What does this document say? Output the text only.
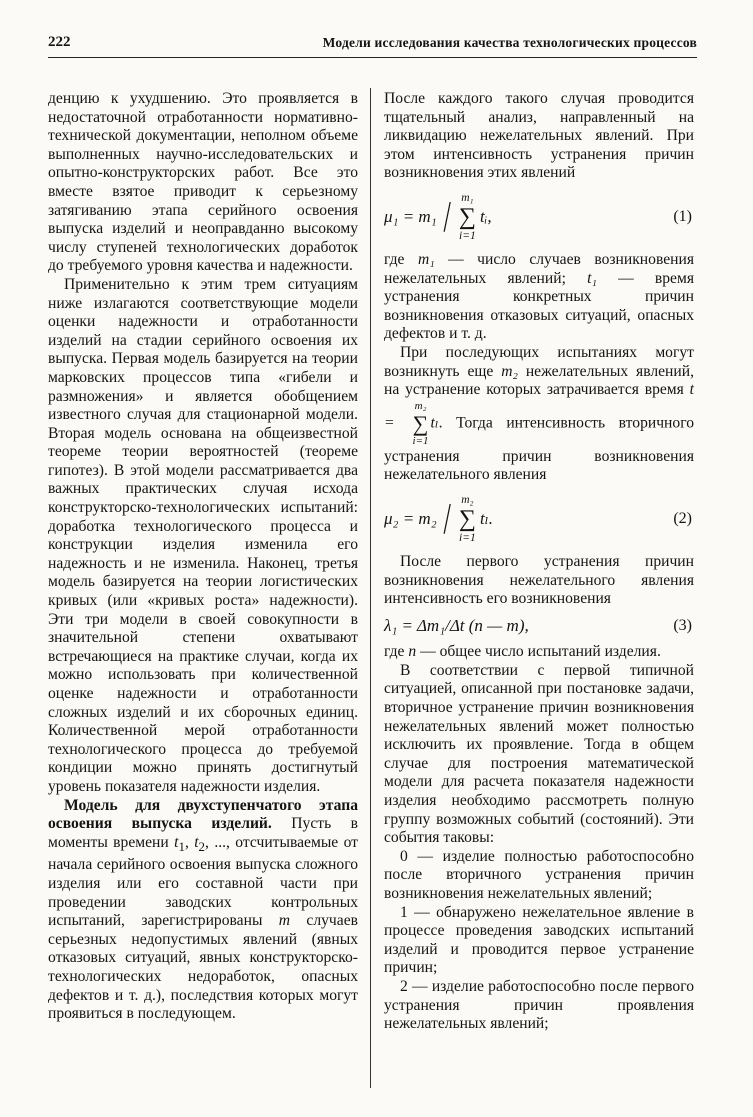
222	Модели исследования качества технологических процессов

денцию к ухудшению. Это проявляется в недостаточной отработанности нормативно-технической документации, неполном объеме выполненных научно-исследовательских и опытно-конструкторских работ. Все это вместе взятое приводит к серьезному затягиванию этапа серийного освоения выпуска изделий и неоправданно высокому числу ступеней технологических доработок до требуемого уровня качества и надежности.

Применительно к этим трем ситуациям ниже излагаются соответствующие модели оценки надежности и отработанности изделий на стадии серийного освоения их выпуска. Первая модель базируется на теории марковских процессов типа «гибели и размножения» и является обобщением известного случая для стационарной модели. Вторая модель основана на общеизвестной теореме теории вероятностей (теореме гипотез). В этой модели рассматривается два важных практических случая исхода конструкторско-технологических испытаний: доработка технологического процесса и конструкции изделия изменила его надежность и не изменила. Наконец, третья модель базируется на теории логистических кривых (или «кривых роста» надежности). Эти три модели в своей совокупности в значительной степени охватывают встречающиеся на практике случаи, когда их можно использовать при количественной оценке надежности и отработанности сложных изделий и их сборочных единиц. Количественной мерой отработанности технологического процесса до требуемой кондиции можно принять достигнутый уровень показателя надежности изделия.

Модель для двухступенчатого этапа освоения выпуска изделий. Пусть в моменты времени $t_1$, $t_2$, ..., отсчитываемые от начала серийного освоения выпуска сложного изделия или его составной части при проведении заводских контрольных испытаний, зарегистрированы m случаев серьезных недопустимых явлений (явных отказовых ситуаций, явных конструкторско-технологических недоработок, опасных дефектов и т. д.), последствия которых могут проявиться в последующем.

После каждого такого случая проводится тщательный анализ, направленный на ликвидацию нежелательных явлений. При этом интенсивность устранения причин возникновения этих явлений

μ₁ = m₁ / m₁
∑
i=1
tᵢ,	(1)

где m₁ — число случаев возникновения нежелательных явлений; t₁ — время устранения конкретных причин возникновения отказовых ситуаций, опасных дефектов и т. д.

При последующих испытаниях могут возникнуть еще m₂ нежелательных явлений, на устранение которых затрачивается время t =
m₂
∑
i=1
tₗ. Тогда интенсивность вторичного устранения причин возникновения нежелательного явления

μ₂ = m₂ / m₂
∑
i=1
tₗ.	(2)

После первого устранения причин возникновения нежелательного явления интенсивность его возникновения

λ₁ = Δm₁/Δt (n — m),	(3)

где n — общее число испытаний изделия.

В соответствии с первой типичной ситуацией, описанной при постановке задачи, вторичное устранение причин возникновения нежелательных явлений может полностью исключить их проявление. Тогда в общем случае для построения математической модели для расчета показателя надежности изделия необходимо рассмотреть полную группу возможных событий (состояний). Эти события таковы:

0 — изделие полностью работоспособно после вторичного устранения причин возникновения нежелательных явлений;

1 — обнаружено нежелательное явление в процессе проведения заводских испытаний изделий и проводится первое устранение причин;

2 — изделие работоспособно после первого устранения причин проявления нежелательных явлений;
